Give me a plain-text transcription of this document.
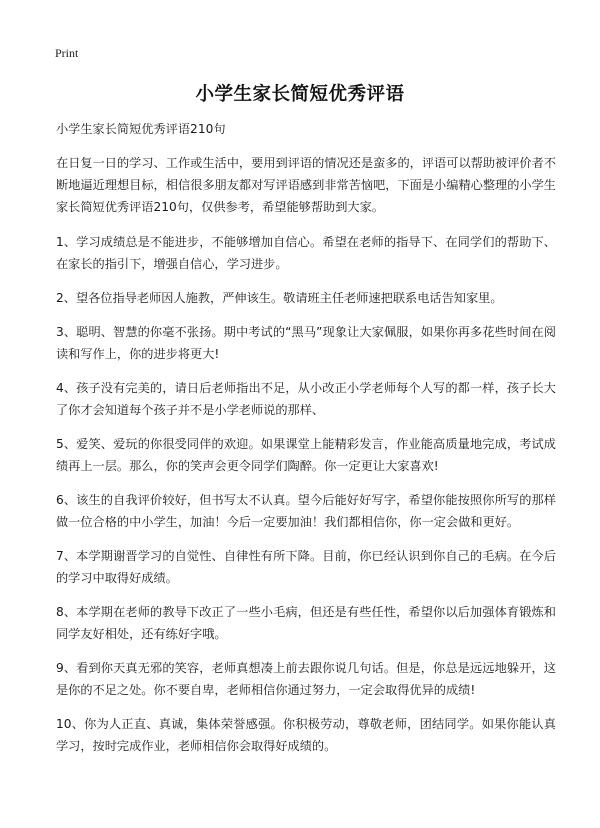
Print
小学生家长简短优秀评语

小学生家长简短优秀评语210句

在日复一日的学习、工作或生活中，要用到评语的情况还是蛮多的，评语可以帮助被评价者不断地逼近理想目标，相信很多朋友都对写评语感到非常苦恼吧，下面是小编精心整理的小学生家长简短优秀评语210句，仅供参考，希望能够帮助到大家。

1、学习成绩总是不能进步，不能够增加自信心。希望在老师的指导下、在同学们的帮助下、在家长的指引下，增强自信心，学习进步。

2、望各位指导老师因人施教，严伸该生。敬请班主任老师速把联系电话告知家里。

3、聪明、智慧的你毫不张扬。期中考试的“黑马”现象让大家佩服，如果你再多花些时间在阅读和写作上，你的进步将更大!

4、孩子没有完美的，请日后老师指出不足，从小改正小学老师每个人写的都一样，孩子长大了你才会知道每个孩子并不是小学老师说的那样、

5、爱笑、爱玩的你很受同伴的欢迎。如果课堂上能精彩发言，作业能高质量地完成，考试成绩再上一层。那么，你的笑声会更令同学们陶醉。你一定更让大家喜欢!

6、该生的自我评价较好，但书写太不认真。望今后能好好写字，希望你能按照你所写的那样做一位合格的中小学生，加油！今后一定要加油！我们都相信你，你一定会做和更好。

7、本学期谢晋学习的自觉性、自律性有所下降。目前，你已经认识到你自己的毛病。在今后的学习中取得好成绩。

8、本学期在老师的教导下改正了一些小毛病，但还是有些任性，希望你以后加强体育锻炼和同学友好相处，还有练好字哦。

9、看到你天真无邪的笑容，老师真想凑上前去跟你说几句话。但是，你总是远远地躲开，这是你的不足之处。你不要自卑，老师相信你通过努力，一定会取得优异的成绩!

10、你为人正直、真诚，集体荣誉感强。你积极劳动，尊敬老师，团结同学。如果你能认真学习，按时完成作业，老师相信你会取得好成绩的。
